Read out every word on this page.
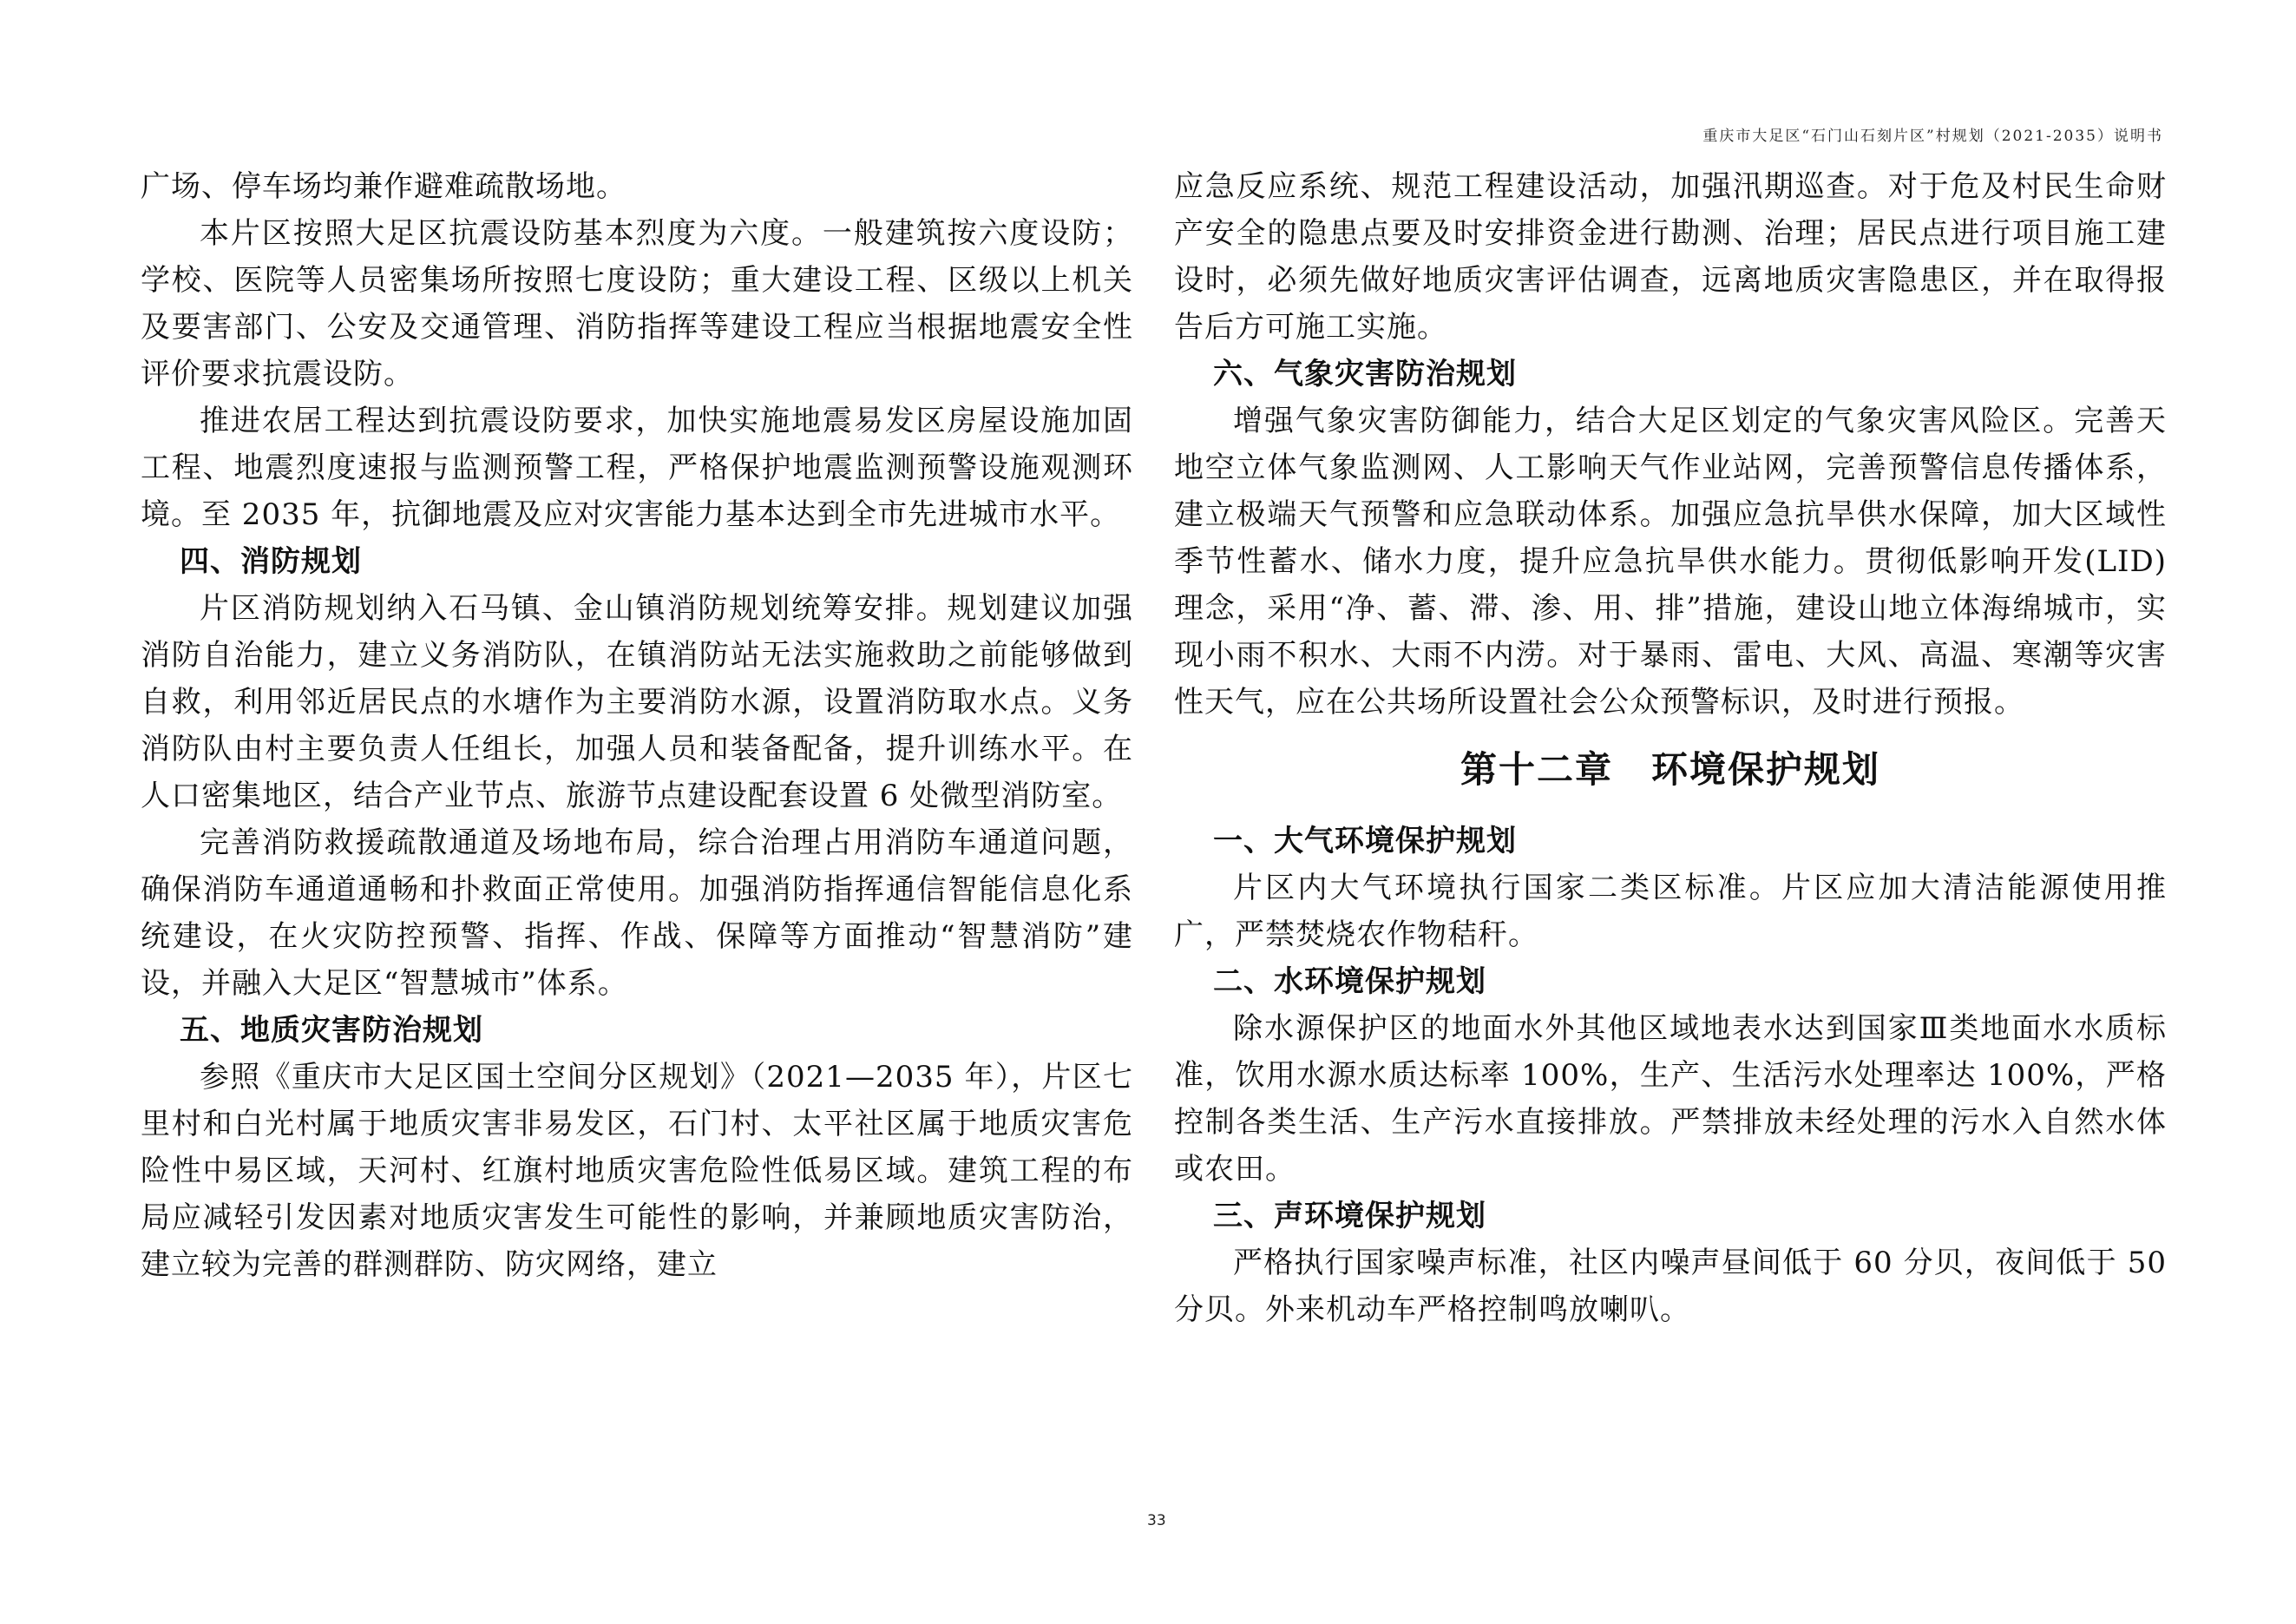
重庆市大足区“石门山石刻片区”村规划（2021-2035）说明书

广场、停车场均兼作避难疏散场地。

本片区按照大足区抗震设防基本烈度为六度。一般建筑按六度设防；学校、医院等人员密集场所按照七度设防；重大建设工程、区级以上机关及要害部门、公安及交通管理、消防指挥等建设工程应当根据地震安全性评价要求抗震设防。

推进农居工程达到抗震设防要求，加快实施地震易发区房屋设施加固工程、地震烈度速报与监测预警工程，严格保护地震监测预警设施观测环境。至 2035 年，抗御地震及应对灾害能力基本达到全市先进城市水平。

四、消防规划

片区消防规划纳入石马镇、金山镇消防规划统筹安排。规划建议加强消防自治能力，建立义务消防队，在镇消防站无法实施救助之前能够做到自救，利用邻近居民点的水塘作为主要消防水源，设置消防取水点。义务消防队由村主要负责人任组长，加强人员和装备配备，提升训练水平。在人口密集地区，结合产业节点、旅游节点建设配套设置 6 处微型消防室。

完善消防救援疏散通道及场地布局，综合治理占用消防车通道问题，确保消防车通道通畅和扑救面正常使用。加强消防指挥通信智能信息化系统建设，在火灾防控预警、指挥、作战、保障等方面推动“智慧消防”建设，并融入大足区“智慧城市”体系。

五、地质灾害防治规划

参照《重庆市大足区国土空间分区规划》（2021—2035 年），片区七里村和白光村属于地质灾害非易发区，石门村、太平社区属于地质灾害危险性中易区域，天河村、红旗村地质灾害危险性低易区域。建筑工程的布局应减轻引发因素对地质灾害发生可能性的影响，并兼顾地质灾害防治，建立较为完善的群测群防、防灾网络，建立

应急反应系统、规范工程建设活动，加强汛期巡查。对于危及村民生命财产安全的隐患点要及时安排资金进行勘测、治理；居民点进行项目施工建设时，必须先做好地质灾害评估调查，远离地质灾害隐患区，并在取得报告后方可施工实施。

六、气象灾害防治规划

增强气象灾害防御能力，结合大足区划定的气象灾害风险区。完善天地空立体气象监测网、人工影响天气作业站网，完善预警信息传播体系，建立极端天气预警和应急联动体系。加强应急抗旱供水保障，加大区域性季节性蓄水、储水力度，提升应急抗旱供水能力。贯彻低影响开发(LID) 理念，采用“净、蓄、滞、渗、用、排”措施，建设山地立体海绵城市，实现小雨不积水、大雨不内涝。对于暴雨、雷电、大风、高温、寒潮等灾害性天气，应在公共场所设置社会公众预警标识，及时进行预报。

第十二章　环境保护规划
一、大气环境保护规划

片区内大气环境执行国家二类区标准。片区应加大清洁能源使用推广，严禁焚烧农作物秸秆。

二、水环境保护规划

除水源保护区的地面水外其他区域地表水达到国家Ⅲ类地面水水质标准，饮用水源水质达标率 100%，生产、生活污水处理率达 100%，严格控制各类生活、生产污水直接排放。严禁排放未经处理的污水入自然水体或农田。

三、声环境保护规划

严格执行国家噪声标准，社区内噪声昼间低于 60 分贝，夜间低于 50 分贝。外来机动车严格控制鸣放喇叭。

33
